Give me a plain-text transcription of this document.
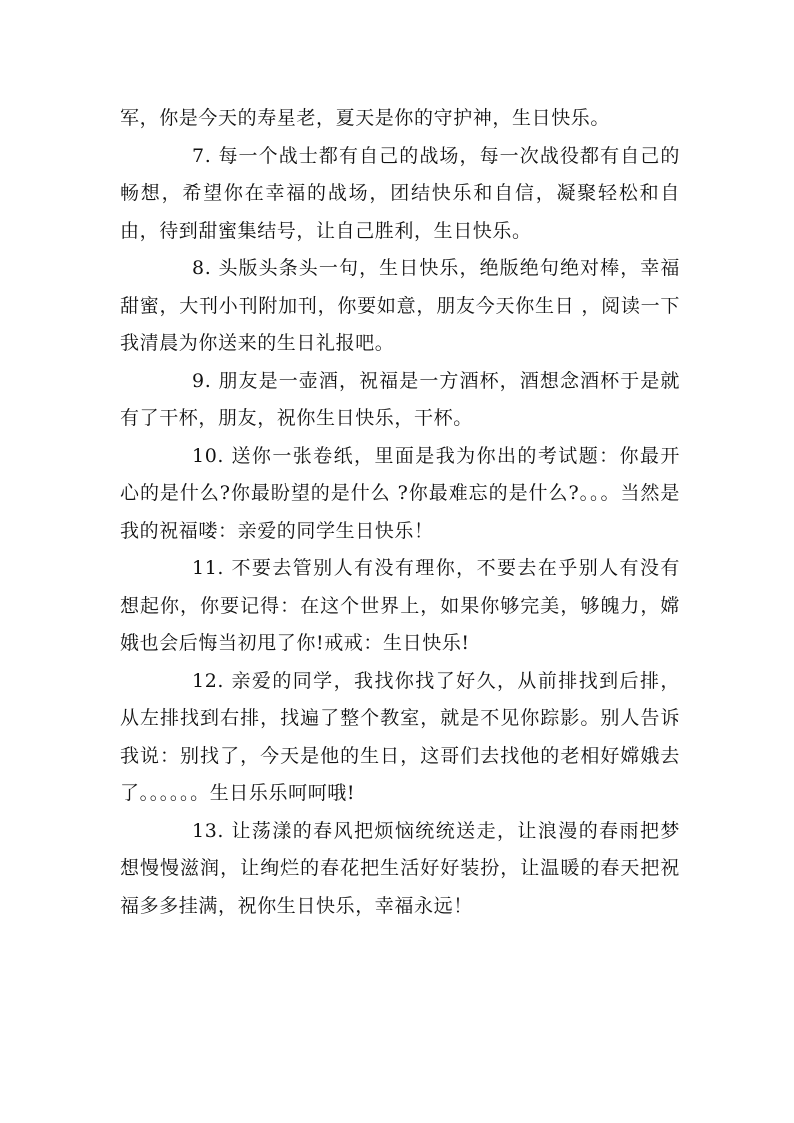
军，你是今天的寿星老，夏天是你的守护神，生日快乐。

7. 每一个战士都有自己的战场，每一次战役都有自己的畅想，希望你在幸福的战场，团结快乐和自信，凝聚轻松和自由，待到甜蜜集结号，让自己胜利，生日快乐。

8. 头版头条头一句，生日快乐，绝版绝句绝对棒，幸福甜蜜，大刊小刊附加刊，你要如意，朋友今天你生日 ，阅读一下我清晨为你送来的生日礼报吧。

9. 朋友是一壶酒，祝福是一方酒杯，酒想念酒杯于是就有了干杯，朋友，祝你生日快乐，干杯。

10. 送你一张卷纸，里面是我为你出的考试题：你最开心的是什么?你最盼望的是什么 ?你最难忘的是什么?。。。当然是我的祝福喽：亲爱的同学生日快乐！

11. 不要去管别人有没有理你，不要去在乎别人有没有想起你，你要记得：在这个世界上，如果你够完美，够魄力，嫦娥也会后悔当初甩了你!戒戒：生日快乐!

12. 亲爱的同学，我找你找了好久，从前排找到后排，从左排找到右排，找遍了整个教室，就是不见你踪影。别人告诉我说：别找了，今天是他的生日，这哥们去找他的老相好嫦娥去了。。。。。。生日乐乐呵呵哦!

13. 让荡漾的春风把烦恼统统送走，让浪漫的春雨把梦想慢慢滋润，让绚烂的春花把生活好好装扮，让温暖的春天把祝福多多挂满，祝你生日快乐，幸福永远！
